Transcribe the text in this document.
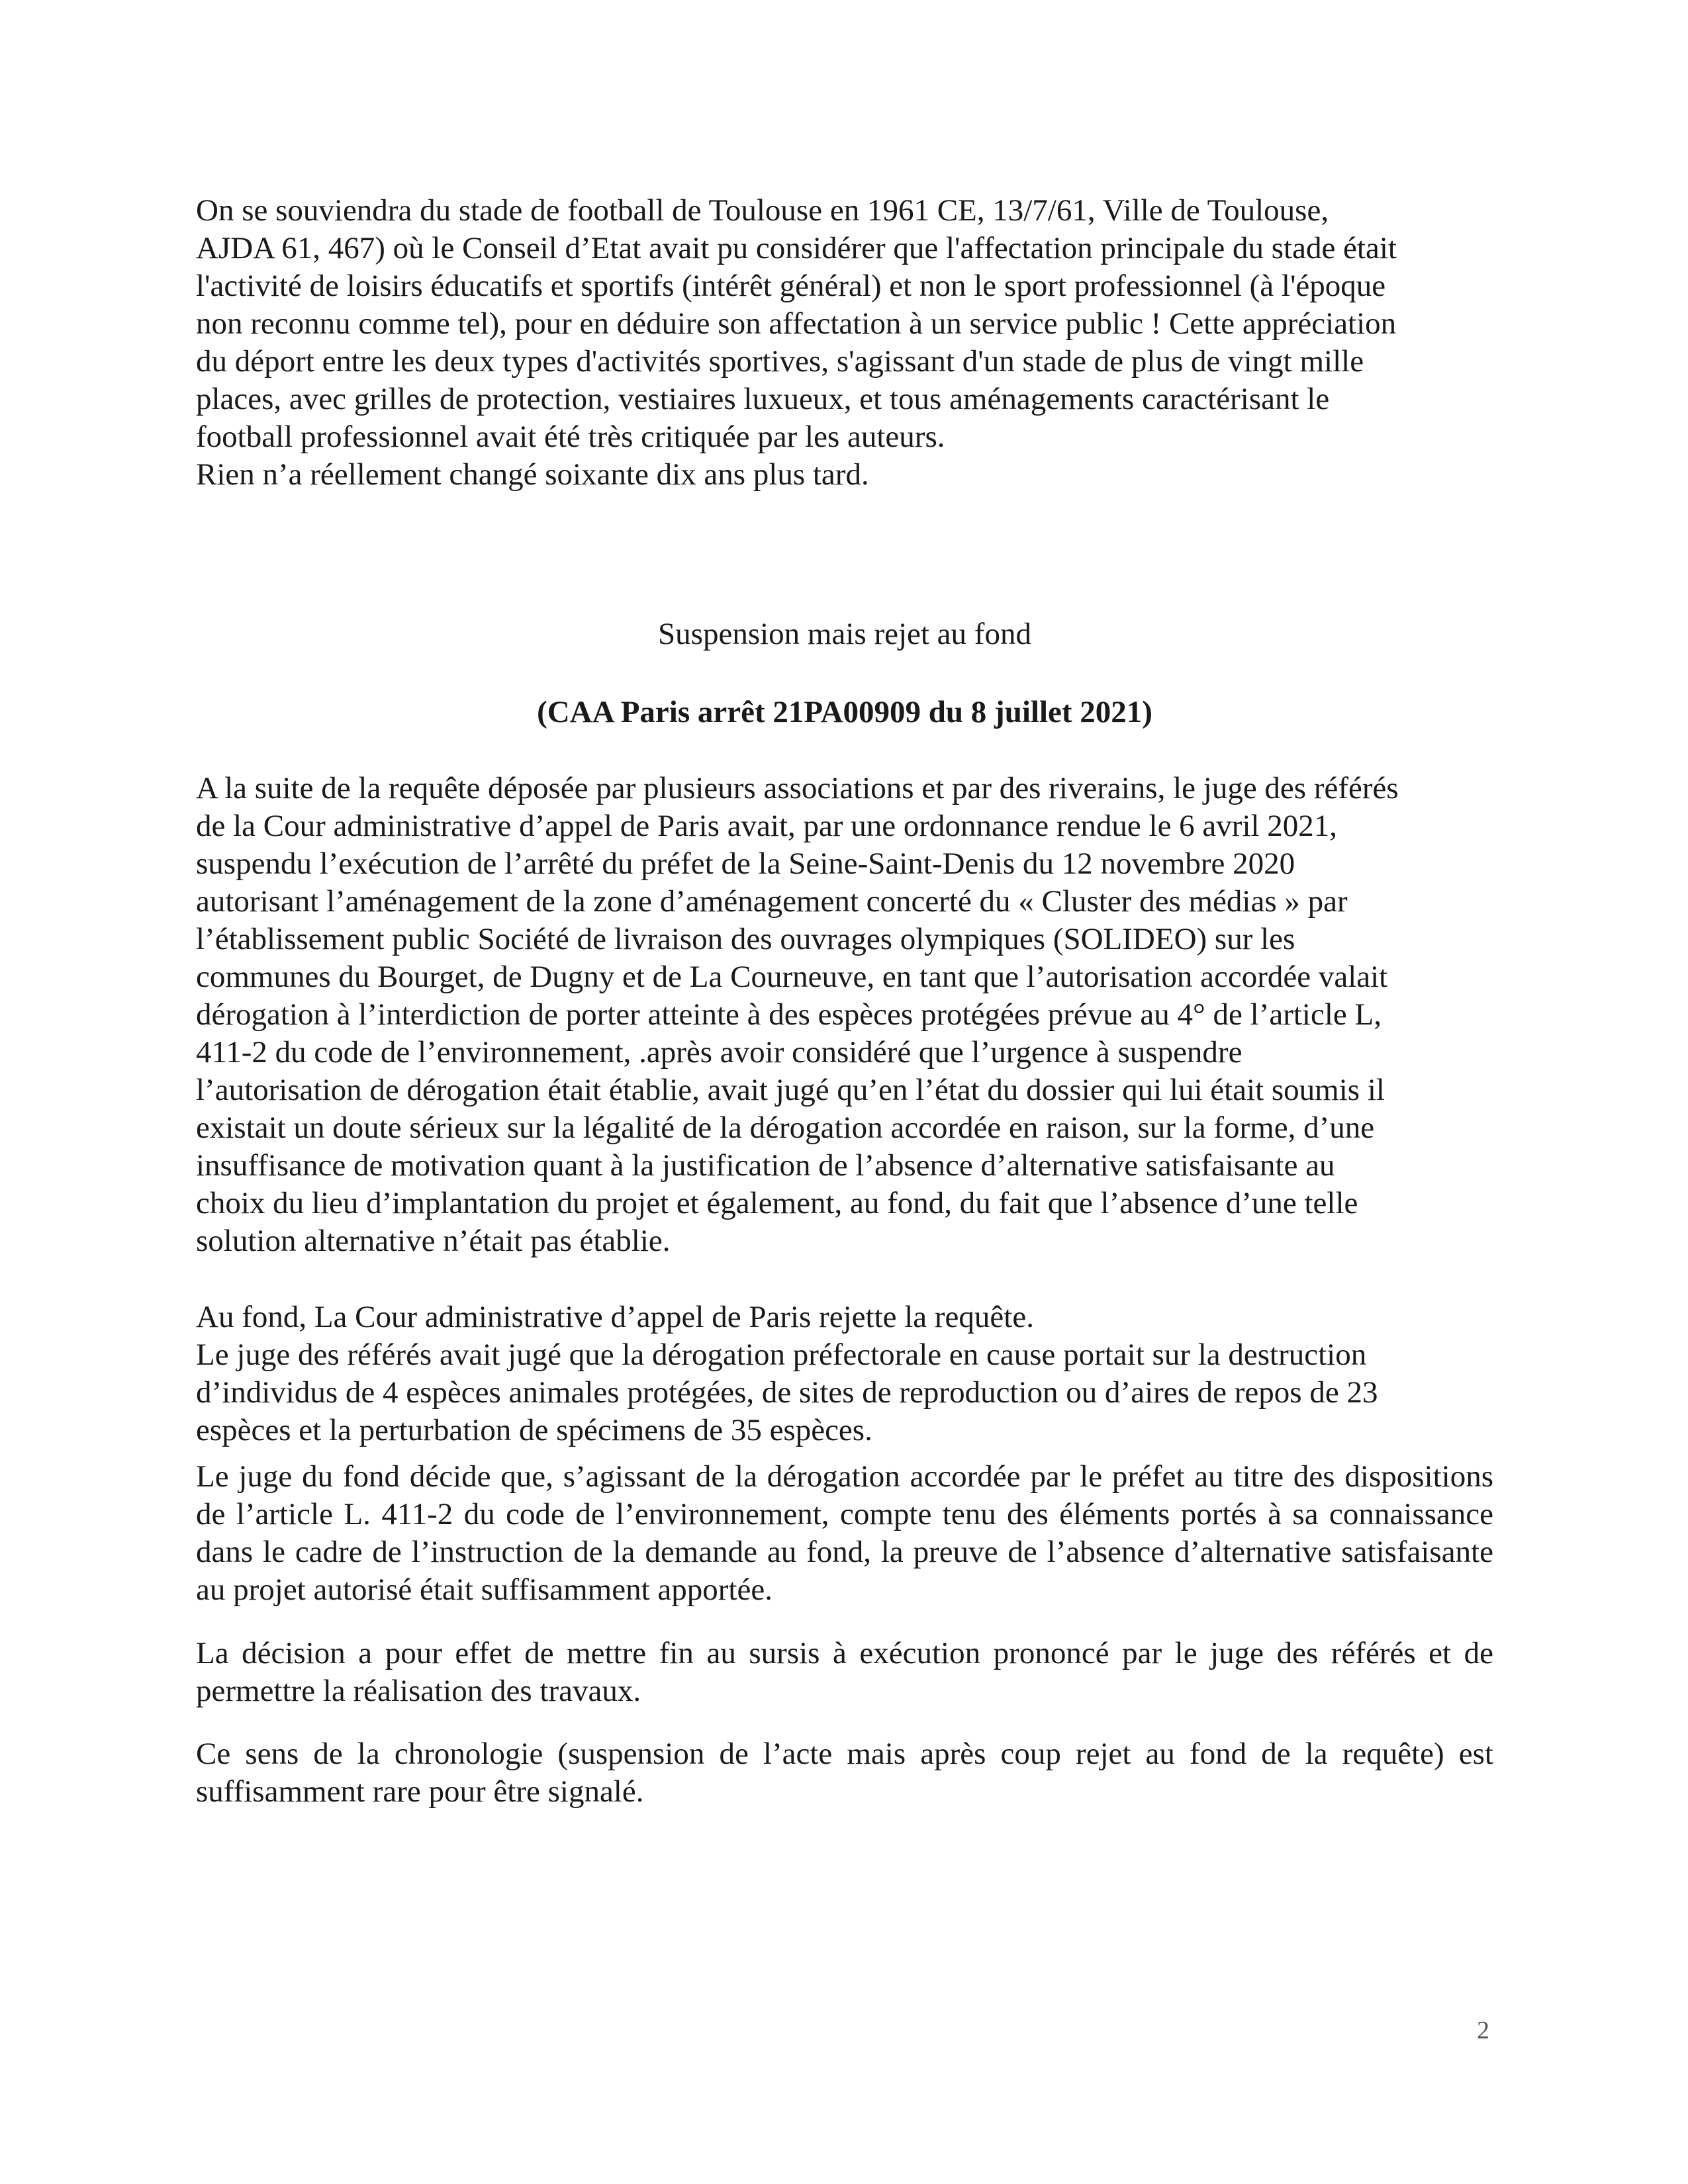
On se souviendra du stade de football de Toulouse en 1961 CE, 13/7/61, Ville de Toulouse,
AJDA 61, 467) où le Conseil d’Etat avait pu considérer que l'affectation principale du stade était
l'activité de loisirs éducatifs et sportifs (intérêt général) et non le sport professionnel (à l'époque
non reconnu comme tel), pour en déduire son affectation à un service public ! Cette appréciation
du déport entre les deux types d'activités sportives, s'agissant d'un stade de plus de vingt mille
places, avec grilles de protection, vestiaires luxueux, et tous aménagements caractérisant le
football professionnel avait été très critiquée par les auteurs.
Rien n’a réellement changé soixante dix ans plus tard.

Suspension mais rejet au fond

(CAA Paris arrêt 21PA00909 du 8 juillet 2021)

A la suite de la requête déposée par plusieurs associations et par des riverains, le juge des référés
de la Cour administrative d’appel de Paris avait, par une ordonnance rendue le 6 avril 2021,
suspendu l’exécution de l’arrêté du préfet de la Seine-Saint-Denis du 12 novembre 2020
autorisant l’aménagement de la zone d’aménagement concerté du « Cluster des médias » par
l’établissement public Société de livraison des ouvrages olympiques (SOLIDEO) sur les
communes du Bourget, de Dugny et de La Courneuve, en tant que l’autorisation accordée valait
dérogation à l’interdiction de porter atteinte à des espèces protégées prévue au 4° de l’article L,
411-2 du code de l’environnement, .après avoir considéré que l’urgence à suspendre
l’autorisation de dérogation était établie, avait jugé qu’en l’état du dossier qui lui était soumis il
existait un doute sérieux sur la légalité de la dérogation accordée en raison, sur la forme, d’une
insuffisance de motivation quant à la justification de l’absence d’alternative satisfaisante au
choix du lieu d’implantation du projet et également, au fond, du fait que l’absence d’une telle
solution alternative n’était pas établie.
Au fond, La Cour administrative d’appel de Paris rejette la requête.
Le juge des référés avait jugé que la dérogation préfectorale en cause portait sur la destruction
d’individus de 4 espèces animales protégées, de sites de reproduction ou d’aires de repos de 23
espèces et la perturbation de spécimens de 35 espèces.

Le juge du fond décide que, s’agissant de la dérogation accordée par le préfet au titre des dispositions de l’article L. 411-2 du code de l’environnement, compte tenu des éléments portés à sa connaissance dans le cadre de l’instruction de la demande au fond, la preuve de l’absence d’alternative satisfaisante au projet autorisé était suffisamment apportée.

La décision a pour effet de mettre fin au sursis à exécution prononcé par le juge des référés et de permettre la réalisation des travaux.

Ce sens de la chronologie (suspension de l’acte mais après coup rejet au fond de la requête) est suffisamment rare pour être signalé.

2
